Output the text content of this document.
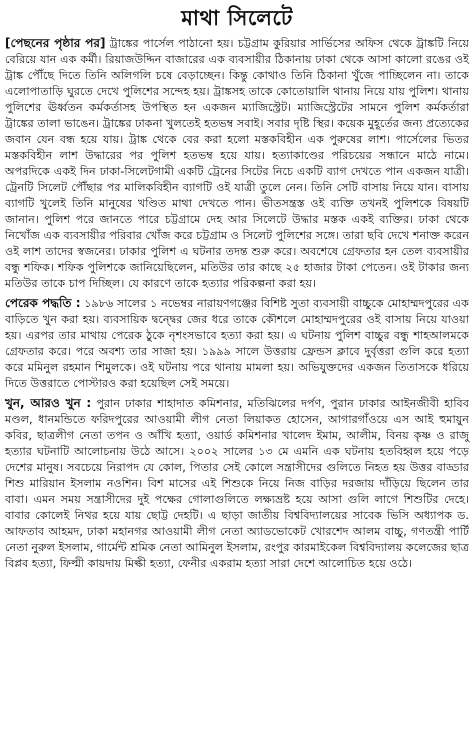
মাথা সিলেটে

[পেছনের পৃষ্ঠার পর] ট্রাঙ্কের পার্সেল পাঠানো হয়। চট্টগ্রাম কুরিয়ার সার্ভিসের অফিস থেকে ট্রাঙ্কটি নিয়ে বেরিয়ে যান এক কর্মী। রিয়াজউদ্দিন বাজারের এক ব্যবসায়ীর ঠিকানায় ঢাকা থেকে আসা কালো রঙের ওই ট্রাঙ্ক পৌঁছে দিতে তিনি অলিগলি চষে বেড়াচ্ছেন। কিন্তু কোথাও তিনি ঠিকানা খুঁজে পাচ্ছিলেন না। তাকে এলোপাতাড়ি ঘুরতে দেখে পুলিশের সন্দেহ হয়। ট্রাঙ্কসহ তাকে কোতোয়ালি থানায় নিয়ে যায় পুলিশ। থানায় পুলিশের ঊর্ধ্বতন কর্মকর্তাসহ উপস্থিত হন একজন ম্যাজিস্ট্রেট। ম্যাজিস্ট্রেটের সামনে পুলিশ কর্মকর্তারা ট্রাঙ্কের তালা ভাঙেন। ট্রাঙ্কের ঢাকনা খুলতেই হতভম্ব সবাই। সবার দৃষ্টি স্থির। কয়েক মুহূর্তের জন্য প্রত্যেকের জবান যেন বন্ধ হয়ে যায়। ট্রাঙ্ক থেকে বের করা হলো মস্তকবিহীন এক পুরুষের লাশ। পার্সেলের ভিতর মস্তকবিহীন লাশ উদ্ধারের পর পুলিশ হতভম্ব হয়ে যায়। হত্যাকাণ্ডের পরিচয়ের সন্ধানে মাঠে নামে। অপরদিকে একই দিন ঢাকা-সিলেটগামী একটি ট্রেনের সিটের নিচে একটি ব্যাগ দেখতে পান একজন যাত্রী। ট্রেনটি সিলেট পৌঁছার পর মালিকবিহীন ব্যাগটি ওই যাত্রী তুলে নেন। তিনি সেটি বাসায় নিয়ে যান। বাসায় ব্যাগটি খুলেই তিনি মানুষের খণ্ডিত মাথা দেখতে পান। ভীতসন্ত্রস্ত ওই ব্যক্তি তখনই পুলিশকে বিষয়টি জানান। পুলিশ পরে জানতে পারে চট্টগ্রামে দেহ আর সিলেটে উদ্ধার মস্তক একই ব্যক্তির। ঢাকা থেকে নিখোঁজ এক ব্যবসায়ীর পরিবার খোঁজ করে চট্টগ্রাম ও সিলেট পুলিশের সঙ্গে। তারা ছবি দেখে শনাক্ত করেন ওই লাশ তাদের স্বজনের। ঢাকার পুলিশ এ ঘটনার তদন্ত শুরু করে। অবশেষে গ্রেফতার হন তেল ব্যবসায়ীর বন্ধু শফিক। শফিক পুলিশকে জানিয়েছিলেন, মতিউর তার কাছে ২৫ হাজার টাকা পেতেন। ওই টাকার জন্য মতিউর তাকে চাপ দিচ্ছিল। যে কারণে তাকে হত্যার পরিকল্পনা করা হয়।

পেরেক পদ্ধতি : ১৯৮৬ সালের ১ নভেম্বর নারায়ণগঞ্জের বিশিষ্ট সুতা ব্যবসায়ী বাচ্চুকে মোহাম্মদপুরের এক বাড়িতে খুন করা হয়। ব্যবসায়িক দ্বন্দ্বের জের ধরে তাকে কৌশলে মোহাম্মদপুরের ওই বাসায় নিয়ে যাওয়া হয়। এরপর তার মাথায় পেরেক ঠুকে নৃশংসভাবে হত্যা করা হয়। এ ঘটনায় পুলিশ বাচ্চুর বন্ধু শাহআলমকে গ্রেফতার করে। পরে অবশ্য তার সাজা হয়। ১৯৯৯ সালে উত্তরায় ফ্রেন্ডস ক্লাবে দুর্বৃত্তরা গুলি করে হত্যা করে মমিনুল রহমান শিমুলকে। ওই ঘটনায় পরে থানায় মামলা হয়। অভিযুক্তদের একজন তিতাসকে ধরিয়ে দিতে উত্তরাতে পোস্টারও করা হয়েছিল সেই সময়ে।

খুন, আরও খুন : পুরান ঢাকার শাহাদাত কমিশনার, মতিঝিলের দর্পণ, পুরান ঢাকার আইনজীবী হাবিব মণ্ডল, ধানমন্ডিতে ফরিদপুরের আওয়ামী লীগ নেতা লিয়াকত হোসেন, আগারগাঁওয়ে এস আই হুমায়ুন কবির, ছাত্রলীগ নেতা তপন ও আঁখি হত্যা, ওয়ার্ড কমিশনার খালেদ ইমাম, আলীম, বিনয় কৃষ্ণ ও রাজু হত্যার ঘটনাটি আলোচনায় উঠে আসে। ২০০২ সালের ১৩ মে এমনি এক ঘটনায় হতবিহ্বল হয়ে পড়ে দেশের মানুষ। সবচেয়ে নিরাপদ যে কোল, পিতার সেই কোলে সন্ত্রাসীদের গুলিতে নিহত হয় উত্তর বাড্ডার শিশু মারিয়ান ইসলাম নওশিন। বিশ মাসের এই শিশুকে নিয়ে নিজ বাড়ির দরজায় দাঁড়িয়ে ছিলেন তার বাবা। এমন সময় সন্ত্রাসীদের দুই পক্ষের গোলাগুলিতে লক্ষ্যভ্রষ্ট হয়ে আসা গুলি লাগে শিশুটির দেহে। বাবার কোলেই নিথর হয়ে যায় ছোট্ট দেহটি। এ ছাড়া জাতীয় বিশ্ববিদ্যালয়ের সাবেক ভিসি অধ্যাপক ড. আফতাব আহমদ, ঢাকা মহানগর আওয়ামী লীগ নেতা অ্যাডভোকেট খোরশেদ আলম বাচ্চু, গণতন্ত্রী পার্টি নেতা নুরুল ইসলাম, গার্মেন্ট শ্রমিক নেতা আমিনুল ইসলাম, রংপুর কারমাইকেল বিশ্ববিদ্যালয় কলেজের ছাত্র বিপ্লব হত্যা, ফিল্মী কায়দায় মিল্কী হত্যা, ফেনীর একরাম হত্যা সারা দেশে আলোচিত হয়ে ওঠে।
